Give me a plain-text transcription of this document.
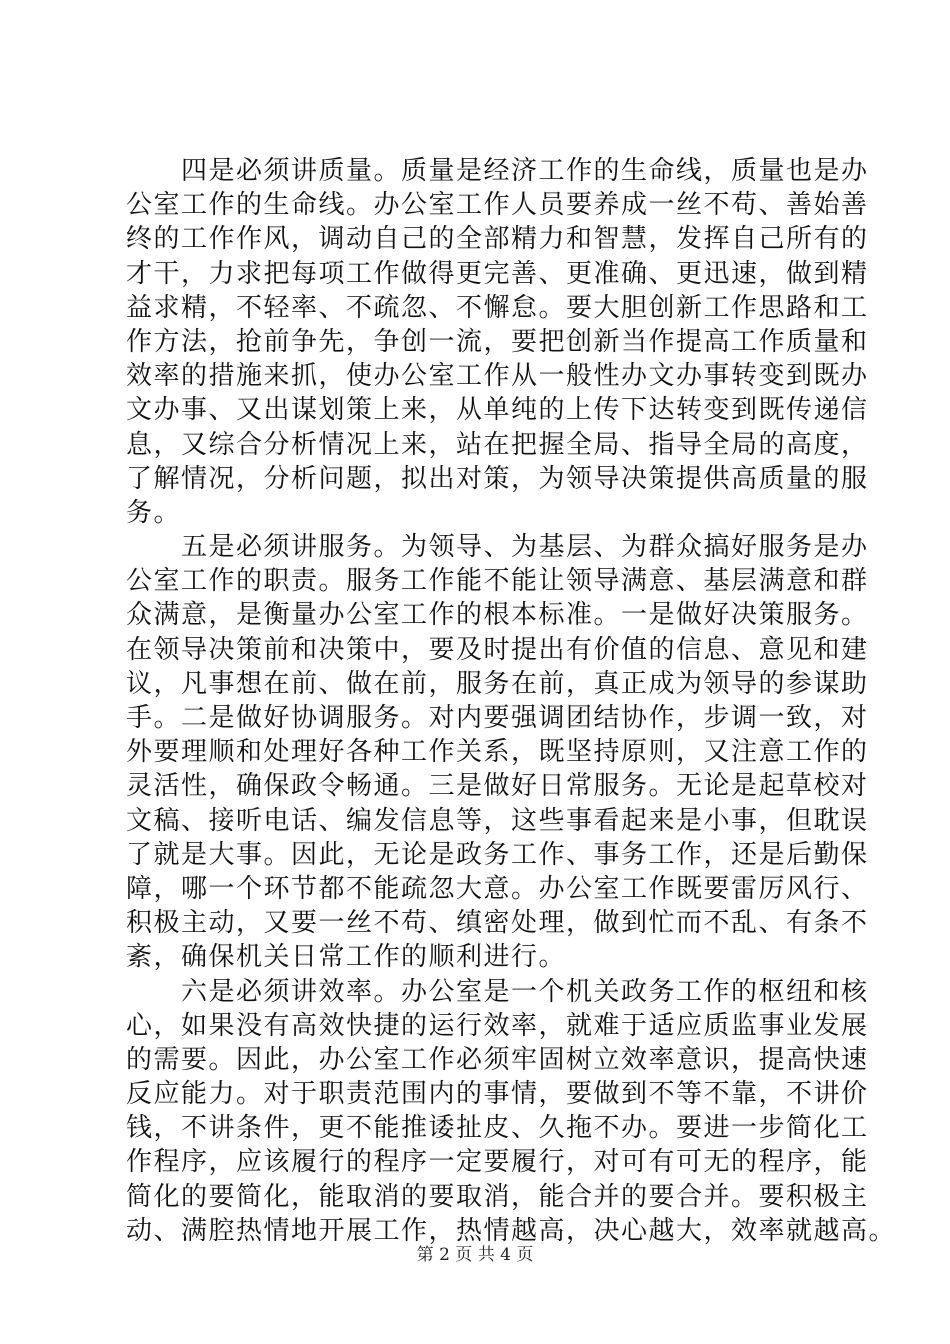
　　四是必须讲质量。质量是经济工作的生命线，质量也是办
公室工作的生命线。办公室工作人员要养成一丝不苟、善始善
终的工作作风，调动自己的全部精力和智慧，发挥自己所有的
才干，力求把每项工作做得更完善、更准确、更迅速，做到精
益求精，不轻率、不疏忽、不懈怠。要大胆创新工作思路和工
作方法，抢前争先，争创一流，要把创新当作提高工作质量和
效率的措施来抓，使办公室工作从一般性办文办事转变到既办
文办事、又出谋划策上来，从单纯的上传下达转变到既传递信
息，又综合分析情况上来，站在把握全局、指导全局的高度，
了解情况，分析问题，拟出对策，为领导决策提供高质量的服
务。
　　五是必须讲服务。为领导、为基层、为群众搞好服务是办
公室工作的职责。服务工作能不能让领导满意、基层满意和群
众满意，是衡量办公室工作的根本标准。一是做好决策服务。
在领导决策前和决策中，要及时提出有价值的信息、意见和建
议，凡事想在前、做在前，服务在前，真正成为领导的参谋助
手。二是做好协调服务。对内要强调团结协作，步调一致，对
外要理顺和处理好各种工作关系，既坚持原则，又注意工作的
灵活性，确保政令畅通。三是做好日常服务。无论是起草校对
文稿、接听电话、编发信息等，这些事看起来是小事，但耽误
了就是大事。因此，无论是政务工作、事务工作，还是后勤保
障，哪一个环节都不能疏忽大意。办公室工作既要雷厉风行、
积极主动，又要一丝不苟、缜密处理，做到忙而不乱、有条不
紊，确保机关日常工作的顺利进行。
　　六是必须讲效率。办公室是一个机关政务工作的枢纽和核
心，如果没有高效快捷的运行效率，就难于适应质监事业发展
的需要。因此，办公室工作必须牢固树立效率意识，提高快速
反应能力。对于职责范围内的事情，要做到不等不靠，不讲价
钱，不讲条件，更不能推诿扯皮、久拖不办。要进一步简化工
作程序，应该履行的程序一定要履行，对可有可无的程序，能
简化的要简化，能取消的要取消，能合并的要合并。要积极主
动、满腔热情地开展工作，热情越高，决心越大，效率就越高。
第 2 页 共 4 页
